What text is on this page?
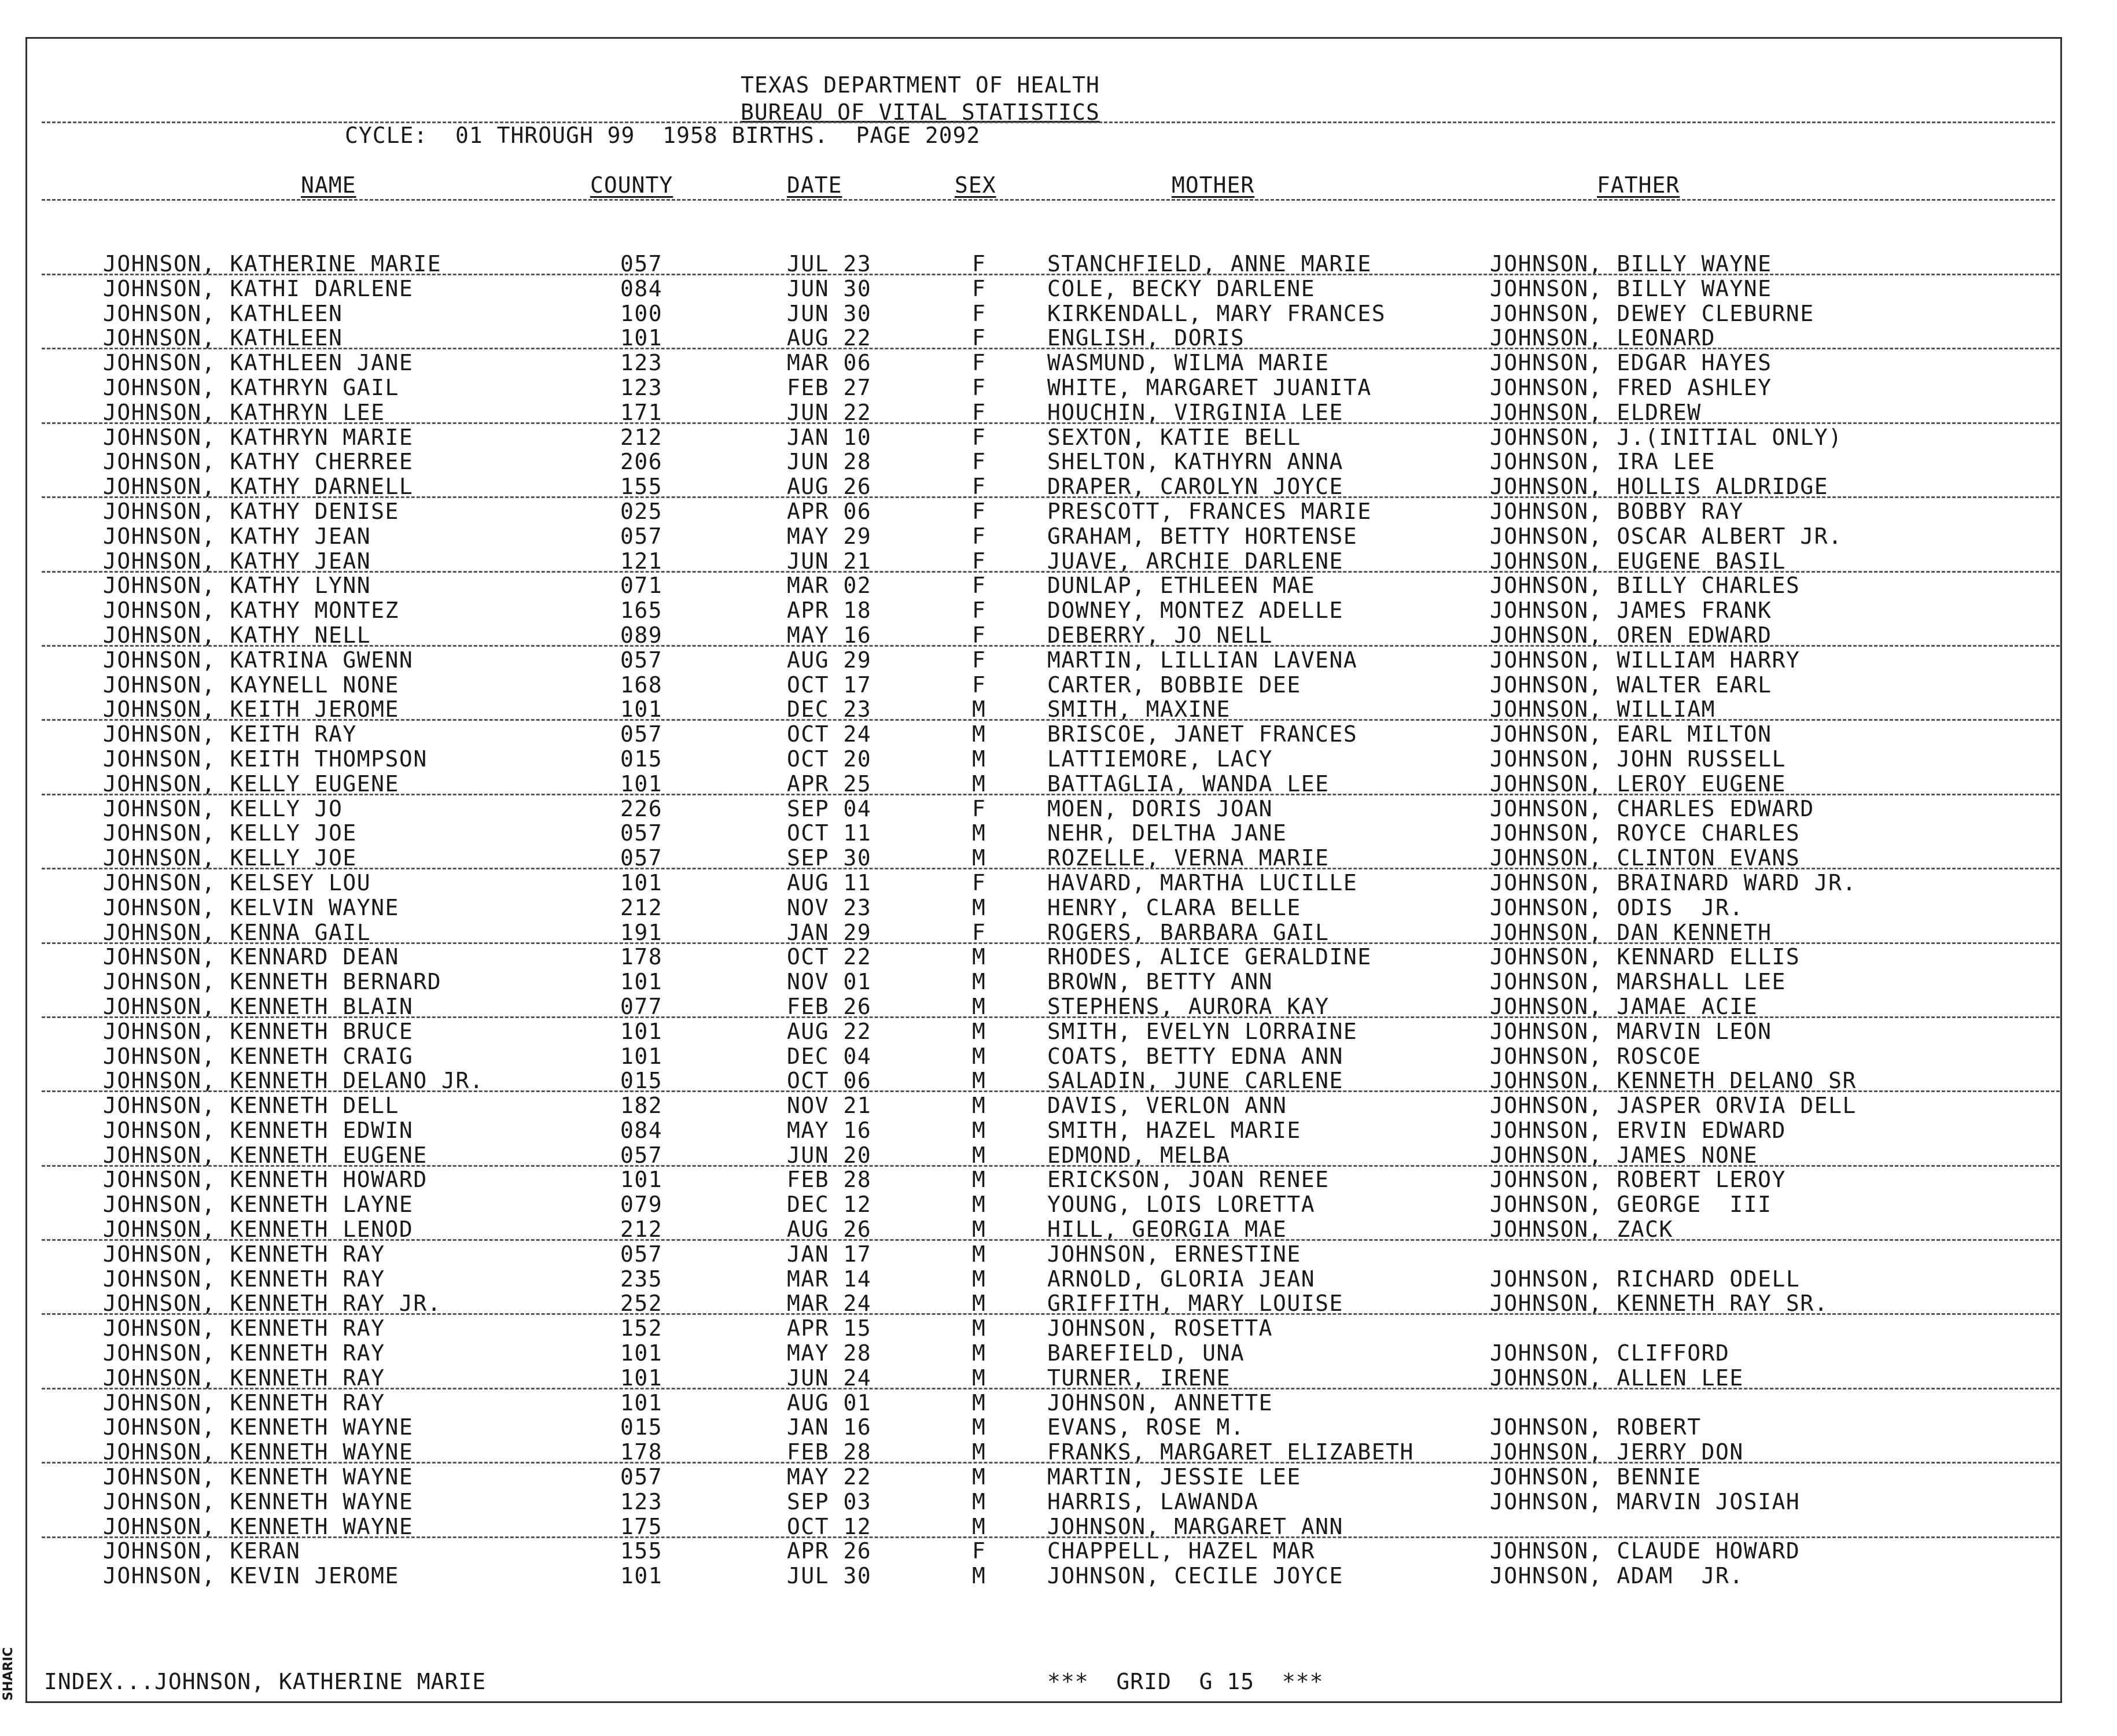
TEXAS DEPARTMENT OF HEALTH
BUREAU OF VITAL STATISTICS
CYCLE:  01 THROUGH 99  1958 BIRTHS.  PAGE 2092
NAME	COUNTY	DATE	SEX	MOTHER	FATHER
JOHNSON, KATHERINE MARIE	057	JUL 23	F	STANCHFIELD, ANNE MARIE	JOHNSON, BILLY WAYNE
JOHNSON, KATHI DARLENE	084	JUN 30	F	COLE, BECKY DARLENE	JOHNSON, BILLY WAYNE
JOHNSON, KATHLEEN	100	JUN 30	F	KIRKENDALL, MARY FRANCES	JOHNSON, DEWEY CLEBURNE
JOHNSON, KATHLEEN	101	AUG 22	F	ENGLISH, DORIS	JOHNSON, LEONARD
JOHNSON, KATHLEEN JANE	123	MAR 06	F	WASMUND, WILMA MARIE	JOHNSON, EDGAR HAYES
JOHNSON, KATHRYN GAIL	123	FEB 27	F	WHITE, MARGARET JUANITA	JOHNSON, FRED ASHLEY
JOHNSON, KATHRYN LEE	171	JUN 22	F	HOUCHIN, VIRGINIA LEE	JOHNSON, ELDREW
JOHNSON, KATHRYN MARIE	212	JAN 10	F	SEXTON, KATIE BELL	JOHNSON, J.(INITIAL ONLY)
JOHNSON, KATHY CHERREE	206	JUN 28	F	SHELTON, KATHYRN ANNA	JOHNSON, IRA LEE
JOHNSON, KATHY DARNELL	155	AUG 26	F	DRAPER, CAROLYN JOYCE	JOHNSON, HOLLIS ALDRIDGE
JOHNSON, KATHY DENISE	025	APR 06	F	PRESCOTT, FRANCES MARIE	JOHNSON, BOBBY RAY
JOHNSON, KATHY JEAN	057	MAY 29	F	GRAHAM, BETTY HORTENSE	JOHNSON, OSCAR ALBERT JR.
JOHNSON, KATHY JEAN	121	JUN 21	F	JUAVE, ARCHIE DARLENE	JOHNSON, EUGENE BASIL
JOHNSON, KATHY LYNN	071	MAR 02	F	DUNLAP, ETHLEEN MAE	JOHNSON, BILLY CHARLES
JOHNSON, KATHY MONTEZ	165	APR 18	F	DOWNEY, MONTEZ ADELLE	JOHNSON, JAMES FRANK
JOHNSON, KATHY NELL	089	MAY 16	F	DEBERRY, JO NELL	JOHNSON, OREN EDWARD
JOHNSON, KATRINA GWENN	057	AUG 29	F	MARTIN, LILLIAN LAVENA	JOHNSON, WILLIAM HARRY
JOHNSON, KAYNELL NONE	168	OCT 17	F	CARTER, BOBBIE DEE	JOHNSON, WALTER EARL
JOHNSON, KEITH JEROME	101	DEC 23	M	SMITH, MAXINE	JOHNSON, WILLIAM
JOHNSON, KEITH RAY	057	OCT 24	M	BRISCOE, JANET FRANCES	JOHNSON, EARL MILTON
JOHNSON, KEITH THOMPSON	015	OCT 20	M	LATTIEMORE, LACY	JOHNSON, JOHN RUSSELL
JOHNSON, KELLY EUGENE	101	APR 25	M	BATTAGLIA, WANDA LEE	JOHNSON, LEROY EUGENE
JOHNSON, KELLY JO	226	SEP 04	F	MOEN, DORIS JOAN	JOHNSON, CHARLES EDWARD
JOHNSON, KELLY JOE	057	OCT 11	M	NEHR, DELTHA JANE	JOHNSON, ROYCE CHARLES
JOHNSON, KELLY JOE	057	SEP 30	M	ROZELLE, VERNA MARIE	JOHNSON, CLINTON EVANS
JOHNSON, KELSEY LOU	101	AUG 11	F	HAVARD, MARTHA LUCILLE	JOHNSON, BRAINARD WARD JR.
JOHNSON, KELVIN WAYNE	212	NOV 23	M	HENRY, CLARA BELLE	JOHNSON, ODIS  JR.
JOHNSON, KENNA GAIL	191	JAN 29	F	ROGERS, BARBARA GAIL	JOHNSON, DAN KENNETH
JOHNSON, KENNARD DEAN	178	OCT 22	M	RHODES, ALICE GERALDINE	JOHNSON, KENNARD ELLIS
JOHNSON, KENNETH BERNARD	101	NOV 01	M	BROWN, BETTY ANN	JOHNSON, MARSHALL LEE
JOHNSON, KENNETH BLAIN	077	FEB 26	M	STEPHENS, AURORA KAY	JOHNSON, JAMAE ACIE
JOHNSON, KENNETH BRUCE	101	AUG 22	M	SMITH, EVELYN LORRAINE	JOHNSON, MARVIN LEON
JOHNSON, KENNETH CRAIG	101	DEC 04	M	COATS, BETTY EDNA ANN	JOHNSON, ROSCOE
JOHNSON, KENNETH DELANO JR.	015	OCT 06	M	SALADIN, JUNE CARLENE	JOHNSON, KENNETH DELANO SR
JOHNSON, KENNETH DELL	182	NOV 21	M	DAVIS, VERLON ANN	JOHNSON, JASPER ORVIA DELL
JOHNSON, KENNETH EDWIN	084	MAY 16	M	SMITH, HAZEL MARIE	JOHNSON, ERVIN EDWARD
JOHNSON, KENNETH EUGENE	057	JUN 20	M	EDMOND, MELBA	JOHNSON, JAMES NONE
JOHNSON, KENNETH HOWARD	101	FEB 28	M	ERICKSON, JOAN RENEE	JOHNSON, ROBERT LEROY
JOHNSON, KENNETH LAYNE	079	DEC 12	M	YOUNG, LOIS LORETTA	JOHNSON, GEORGE  III
JOHNSON, KENNETH LENOD	212	AUG 26	M	HILL, GEORGIA MAE	JOHNSON, ZACK
JOHNSON, KENNETH RAY	057	JAN 17	M	JOHNSON, ERNESTINE
JOHNSON, KENNETH RAY	235	MAR 14	M	ARNOLD, GLORIA JEAN	JOHNSON, RICHARD ODELL
JOHNSON, KENNETH RAY JR.	252	MAR 24	M	GRIFFITH, MARY LOUISE	JOHNSON, KENNETH RAY SR.
JOHNSON, KENNETH RAY	152	APR 15	M	JOHNSON, ROSETTA
JOHNSON, KENNETH RAY	101	MAY 28	M	BAREFIELD, UNA	JOHNSON, CLIFFORD
JOHNSON, KENNETH RAY	101	JUN 24	M	TURNER, IRENE	JOHNSON, ALLEN LEE
JOHNSON, KENNETH RAY	101	AUG 01	M	JOHNSON, ANNETTE
JOHNSON, KENNETH WAYNE	015	JAN 16	M	EVANS, ROSE M.	JOHNSON, ROBERT
JOHNSON, KENNETH WAYNE	178	FEB 28	M	FRANKS, MARGARET ELIZABETH	JOHNSON, JERRY DON
JOHNSON, KENNETH WAYNE	057	MAY 22	M	MARTIN, JESSIE LEE	JOHNSON, BENNIE
JOHNSON, KENNETH WAYNE	123	SEP 03	M	HARRIS, LAWANDA	JOHNSON, MARVIN JOSIAH
JOHNSON, KENNETH WAYNE	175	OCT 12	M	JOHNSON, MARGARET ANN
JOHNSON, KERAN	155	APR 26	F	CHAPPELL, HAZEL MAR	JOHNSON, CLAUDE HOWARD
JOHNSON, KEVIN JEROME	101	JUL 30	M	JOHNSON, CECILE JOYCE	JOHNSON, ADAM  JR.
INDEX...JOHNSON, KATHERINE MARIE	***  GRID  G 15  ***
SHARIC
